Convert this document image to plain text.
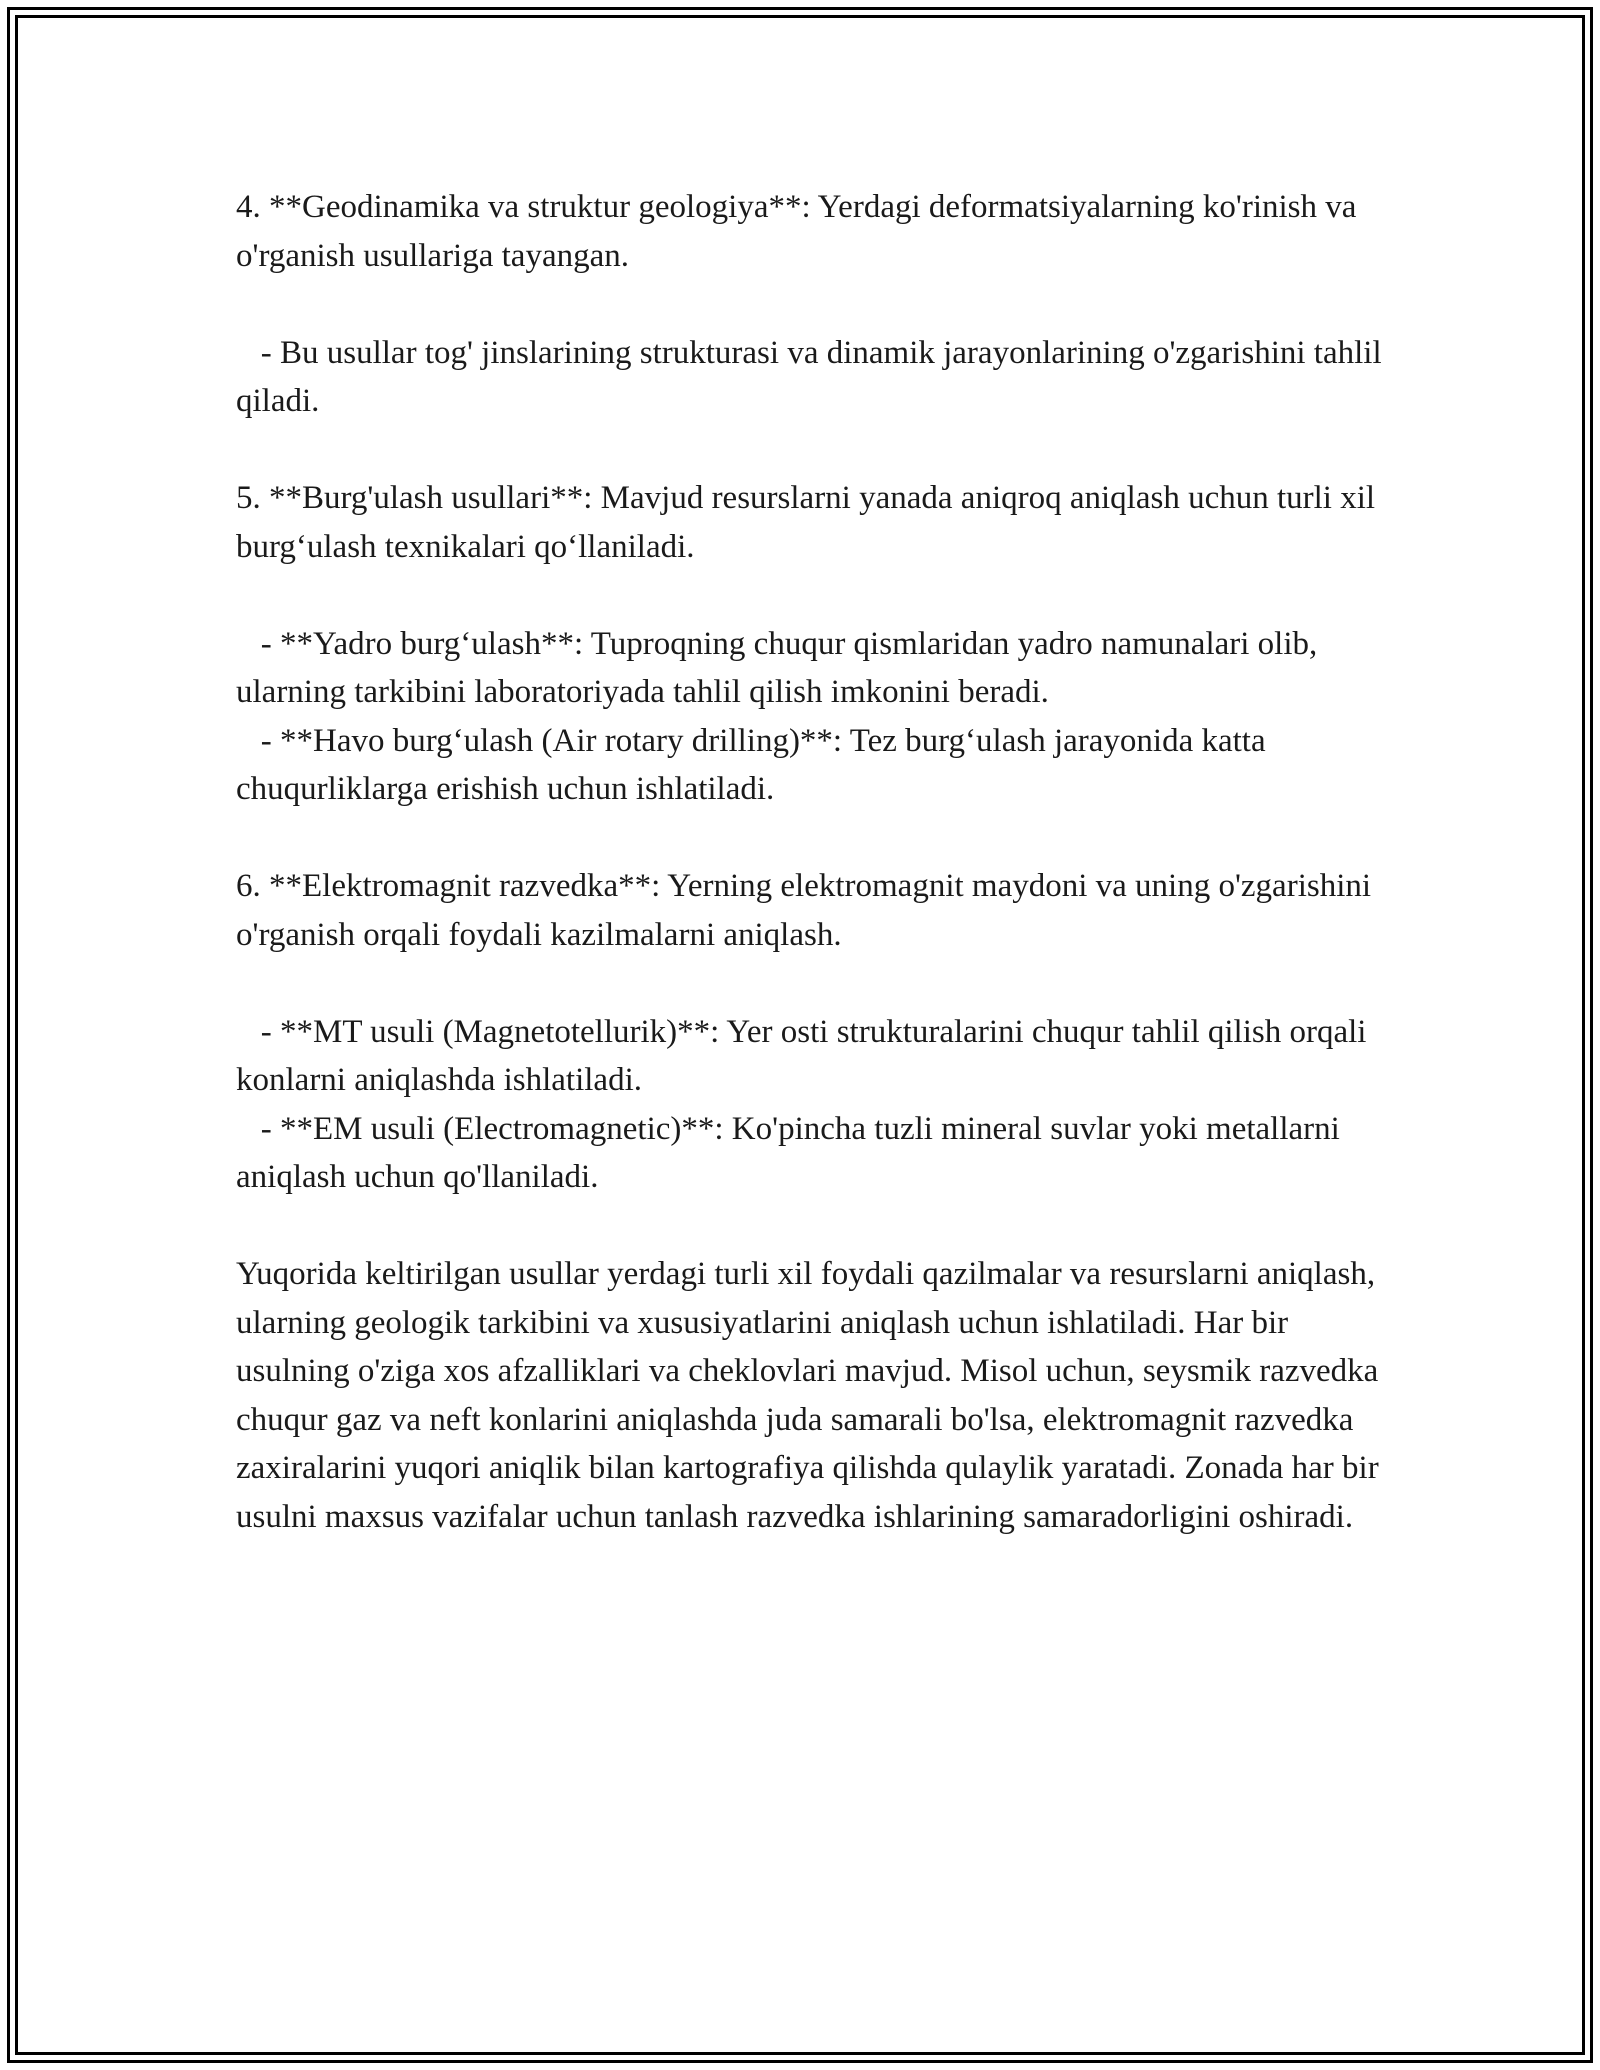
4. **Geodinamika va struktur geologiya**: Yerdagi deformatsiyalarning ko'rinish va o'rganish usullariga tayangan.

- Bu usullar tog' jinslarining strukturasi va dinamik jarayonlarining o'zgarishini tahlil qiladi.

5. **Burg'ulash usullari**: Mavjud resurslarni yanada aniqroq aniqlash uchun turli xil burg‘ulash texnikalari qo‘llaniladi.

- **Yadro burg‘ulash**: Tuproqning chuqur qismlaridan yadro namunalari olib, ularning tarkibini laboratoriyada tahlil qilish imkonini beradi.

- **Havo burg‘ulash (Air rotary drilling)**: Tez burg‘ulash jarayonida katta chuqurliklarga erishish uchun ishlatiladi.

6. **Elektromagnit razvedka**: Yerning elektromagnit maydoni va uning o'zgarishini o'rganish orqali foydali kazilmalarni aniqlash.

- **MT usuli (Magnetotellurik)**: Yer osti strukturalarini chuqur tahlil qilish orqali konlarni aniqlashda ishlatiladi.

- **EM usuli (Electromagnetic)**: Ko'pincha tuzli mineral suvlar yoki metallarni aniqlash uchun qo'llaniladi.

Yuqorida keltirilgan usullar yerdagi turli xil foydali qazilmalar va resurslarni aniqlash, ularning geologik tarkibini va xususiyatlarini aniqlash uchun ishlatiladi. Har bir usulning o'ziga xos afzalliklari va cheklovlari mavjud. Misol uchun, seysmik razvedka chuqur gaz va neft konlarini aniqlashda juda samarali bo'lsa, elektromagnit razvedka zaxiralarini yuqori aniqlik bilan kartografiya qilishda qulaylik yaratadi. Zonada har bir usulni maxsus vazifalar uchun tanlash razvedka ishlarining samaradorligini oshiradi.
